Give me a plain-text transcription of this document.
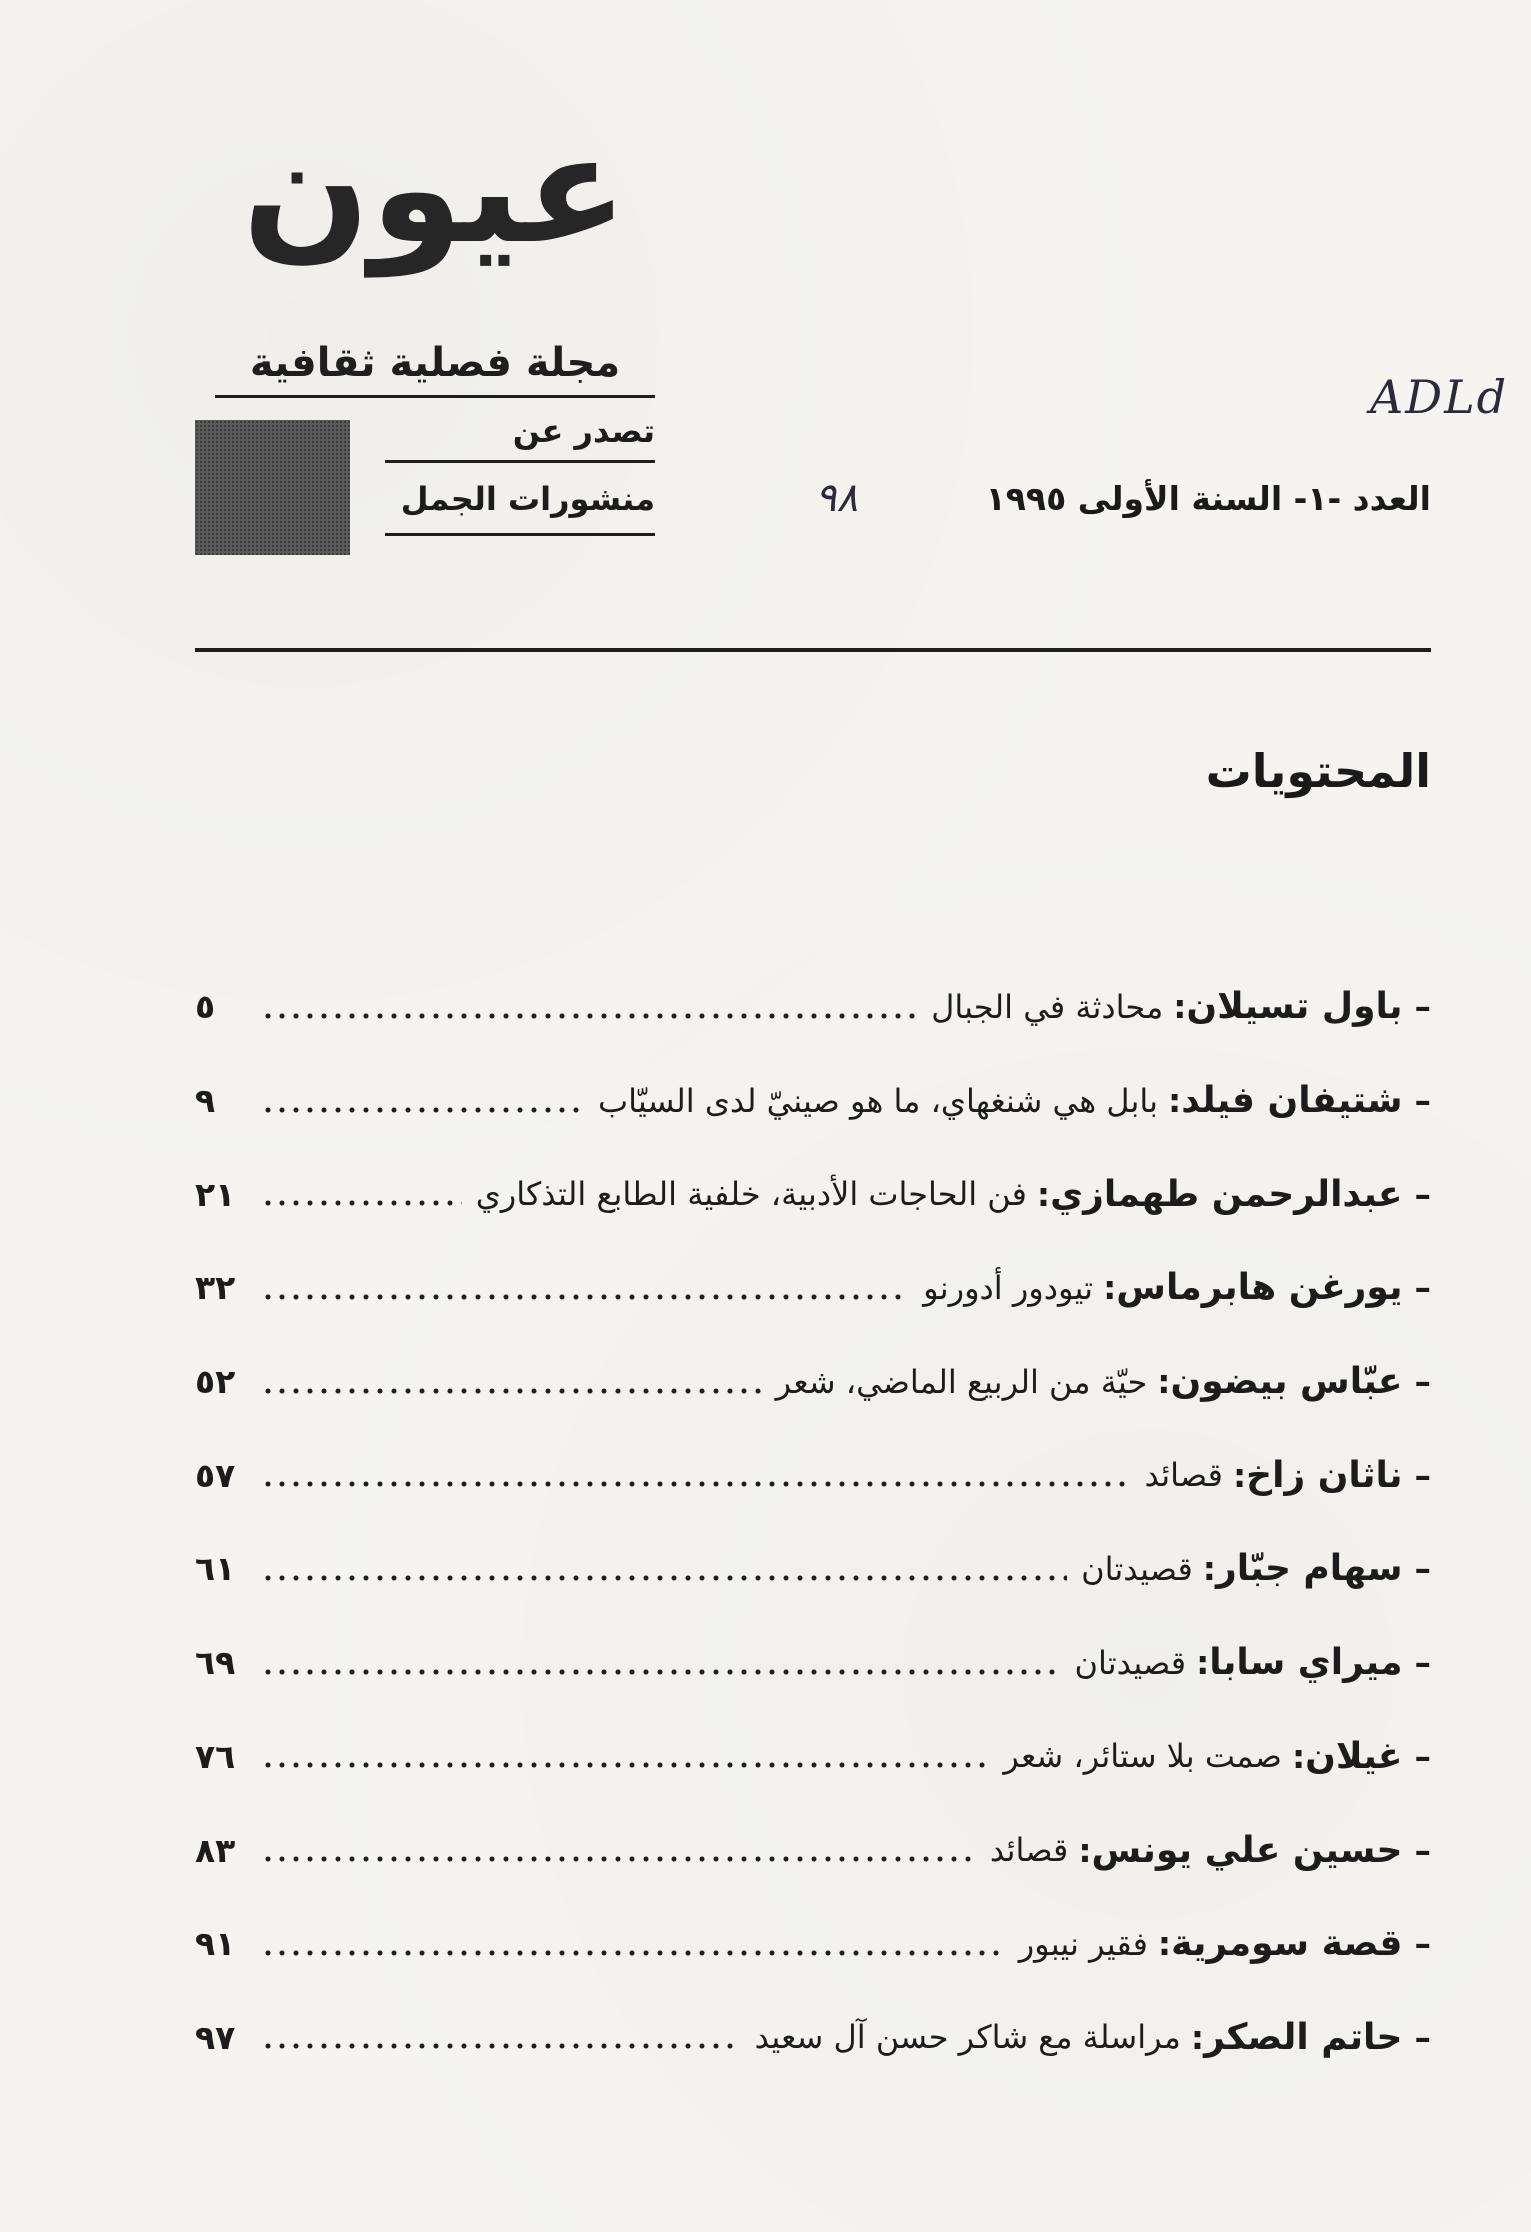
عيون
مجلة فصلية ثقافية
تصدر عن
منشورات الجمل	العدد -١- السنة الأولى ١٩٩٥
٩٨
ADLd
المحتويات
–
باول تسيلان
:
محادثة في الجبال
٥
–
شتيفان فيلد
:
بابل هي شنغهاي، ما هو صينيّ لدى السيّاب
٩
–
عبدالرحمن طهمازي
:
فن الحاجات الأدبية، خلفية الطابع التذكاري
٢١
–
يورغن هابرماس
:
تيودور أدورنو
٣٢
–
عبّاس بيضون
:
حيّة من الربيع الماضي، شعر
٥٢
–
ناثان زاخ
:
قصائد
٥٧
–
سهام جبّار
:
قصيدتان
٦١
–
ميراي سابا
:
قصيدتان
٦٩
–
غيلان
:
صمت بلا ستائر، شعر
٧٦
–
حسين علي يونس
:
قصائد
٨٣
–
قصة سومرية
:
فقير نيبور
٩١
–
حاتم الصكر
:
مراسلة مع شاكر حسن آل سعيد
٩٧
